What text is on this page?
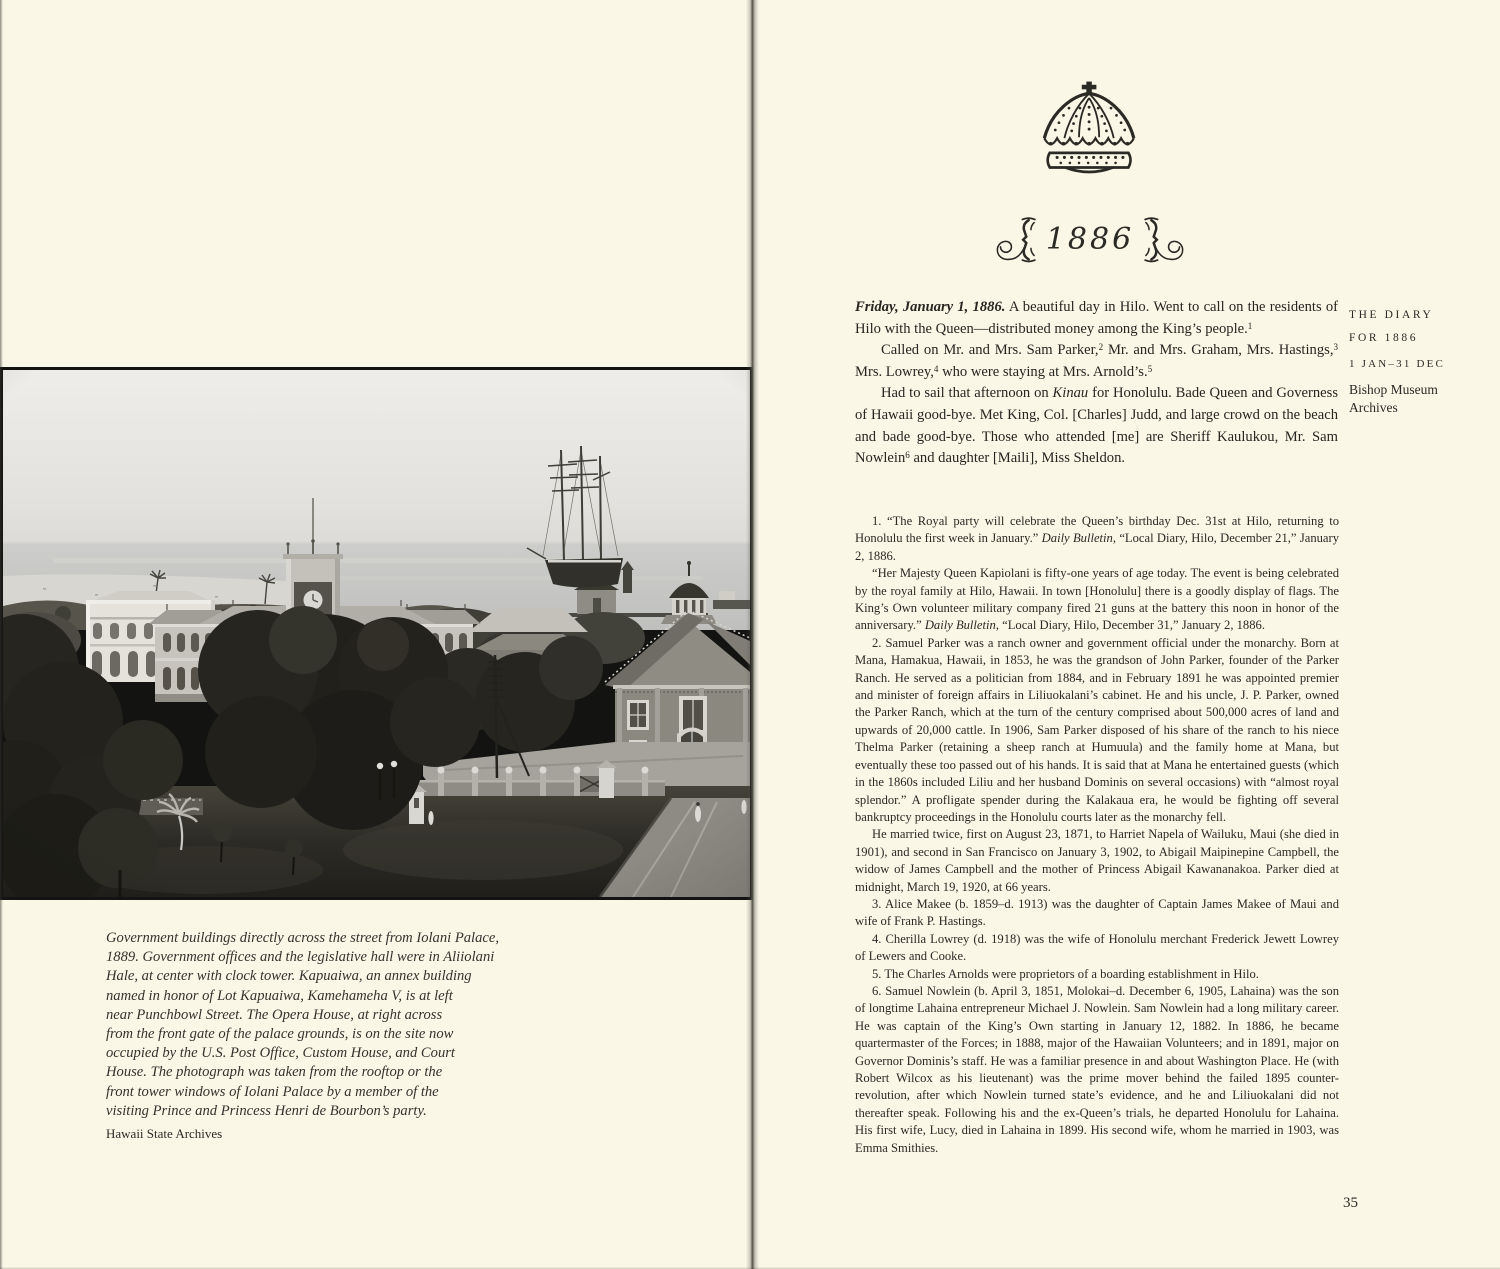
Government buildings directly across the street from Iolani Palace,
1889. Government offices and the legislative hall were in Aliiolani
Hale, at center with clock tower. Kapuaiwa, an annex building
named in honor of Lot Kapuaiwa, Kamehameha V, is at left
near Punchbowl Street. The Opera House, at right across
from the front gate of the palace grounds, is on the site now
occupied by the U.S. Post Office, Custom House, and Court
House. The photograph was taken from the rooftop or the
front tower windows of Iolani Palace by a member of the
visiting Prince and Princess Henri de Bourbon’s party.
Hawaii State Archives
1886

Friday, January 1, 1886. A beautiful day in Hilo. Went to call on the residents of Hilo with the Queen—distributed money among the King’s people.$^1$

Called on Mr. and Mrs. Sam Parker,$^2$ Mr. and Mrs. Graham, Mrs. Hastings,$^3$ Mrs. Lowrey,$^4$ who were staying at Mrs. Arnold’s.$^5$

Had to sail that afternoon on Kinau for Honolulu. Bade Queen and Governess of Hawaii good-bye. Met King, Col. [Charles] Judd, and large crowd on the beach and bade good-bye. Those who attended [me] are Sheriff Kaulukou, Mr. Sam Nowlein$^6$ and daughter [Maili], Miss Sheldon.

THE DIARY
FOR 1886
1 JAN–31 DEC
Bishop Museum
Archives

1. “The Royal party will celebrate the Queen’s birthday Dec. 31st at Hilo, returning to Honolulu the first week in January.” Daily Bulletin, “Local Diary, Hilo, December 21,” January 2, 1886.

“Her Majesty Queen Kapiolani is fifty-one years of age today. The event is being celebrated by the royal family at Hilo, Hawaii. In town [Honolulu] there is a goodly display of flags. The King’s Own volunteer military company fired 21 guns at the battery this noon in honor of the anniversary.” Daily Bulletin, “Local Diary, Hilo, December 31,” January 2, 1886.

2. Samuel Parker was a ranch owner and government official under the monarchy. Born at Mana, Hamakua, Hawaii, in 1853, he was the grandson of John Parker, founder of the Parker Ranch. He served as a politician from 1884, and in February 1891 he was appointed premier and minister of foreign affairs in Liliuokalani’s cabinet. He and his uncle, J. P. Parker, owned the Parker Ranch, which at the turn of the century comprised about 500,000 acres of land and upwards of 20,000 cattle. In 1906, Sam Parker disposed of his share of the ranch to his niece Thelma Parker (retaining a sheep ranch at Humuula) and the family home at Mana, but eventually these too passed out of his hands. It is said that at Mana he entertained guests (which in the 1860s included Liliu and her husband Dominis on several occasions) with “almost royal splendor.” A profligate spender during the Kalakaua era, he would be fighting off several bankruptcy proceedings in the Honolulu courts later as the monarchy fell.

He married twice, first on August 23, 1871, to Harriet Napela of Wailuku, Maui (she died in 1901), and second in San Francisco on January 3, 1902, to Abigail Maipinepine Campbell, the widow of James Campbell and the mother of Princess Abigail Kawananakoa. Parker died at midnight, March 19, 1920, at 66 years.

3. Alice Makee (b. 1859–d. 1913) was the daughter of Captain James Makee of Maui and wife of Frank P. Hastings.

4. Cherilla Lowrey (d. 1918) was the wife of Honolulu merchant Frederick Jewett Lowrey of Lewers and Cooke.

5. The Charles Arnolds were proprietors of a boarding establishment in Hilo.

6. Samuel Nowlein (b. April 3, 1851, Molokai–d. December 6, 1905, Lahaina) was the son of longtime Lahaina entrepreneur Michael J. Nowlein. Sam Nowlein had a long military career. He was captain of the King’s Own starting in January 12, 1882. In 1886, he became quartermaster of the Forces; in 1888, major of the Hawaiian Volunteers; and in 1891, major on Governor Dominis’s staff. He was a familiar presence in and about Washington Place. He (with Robert Wilcox as his lieutenant) was the prime mover behind the failed 1895 counter-revolution, after which Nowlein turned state’s evidence, and he and Liliuokalani did not thereafter speak. Following his and the ex-Queen’s trials, he departed Honolulu for Lahaina. His first wife, Lucy, died in Lahaina in 1899. His second wife, whom he married in 1903, was Emma Smithies.

35
